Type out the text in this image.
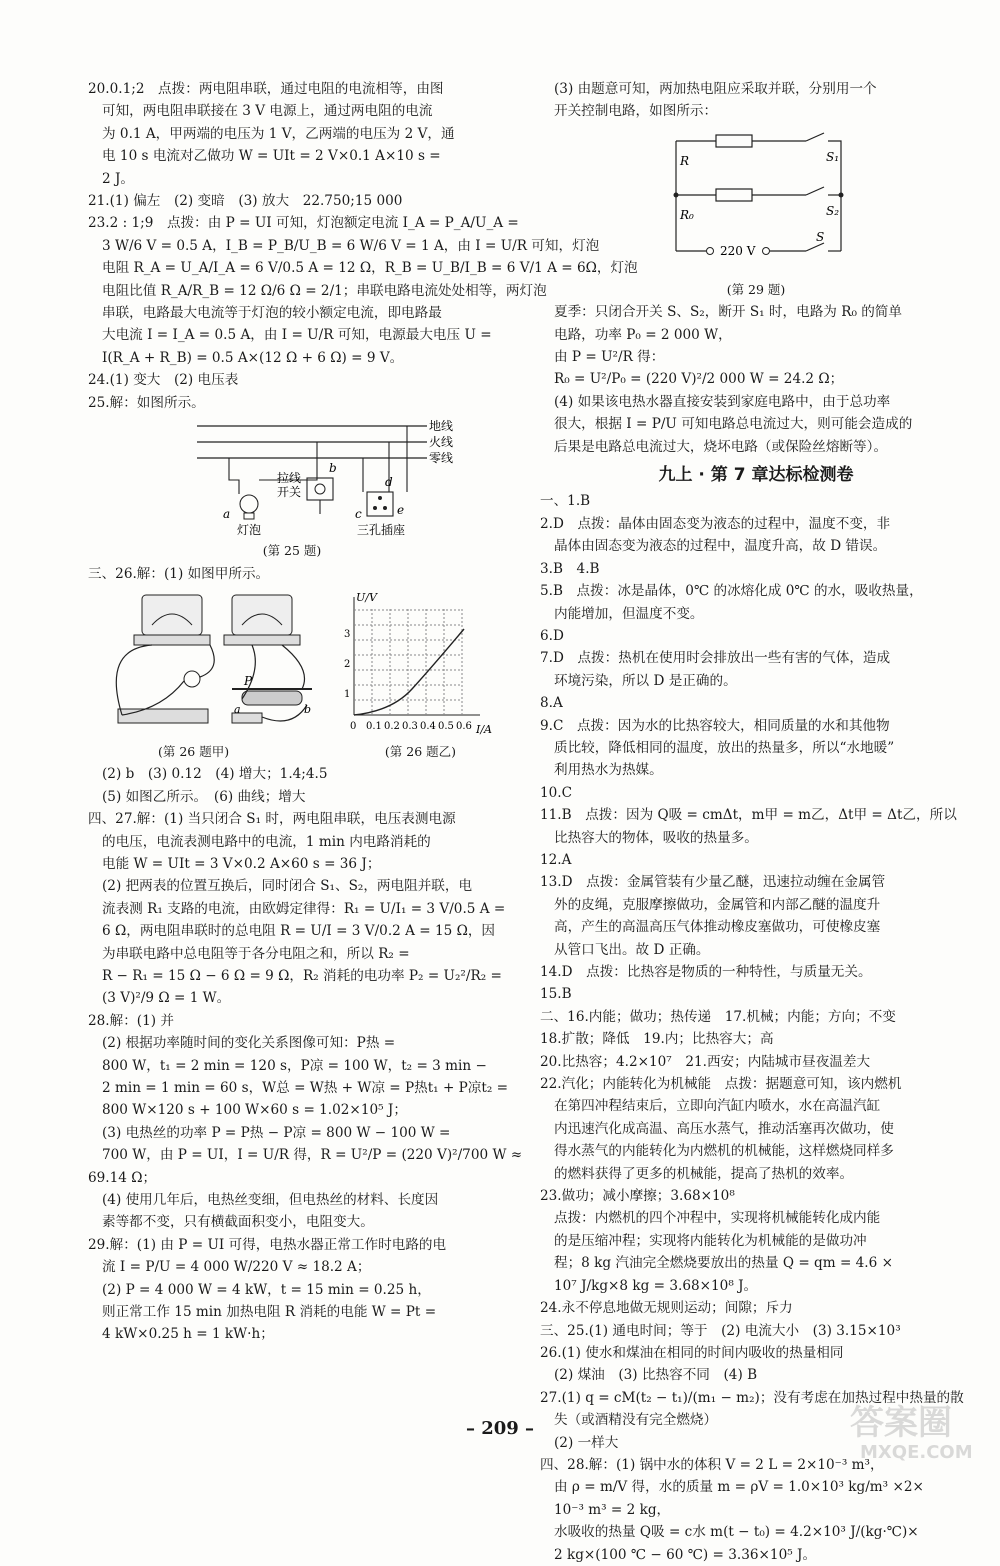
20.0.1;2　点拨：两电阻串联，通过电阻的电流相等，由图
可知，两电阻串联接在 3 V 电源上，通过两电阻的电流
为 0.1 A，甲两端的电压为 1 V，乙两端的电压为 2 V，通
电 10 s 电流对乙做功 W = UIt = 2 V×0.1 A×10 s =
2 J。
21.(1) 偏左　(2) 变暗　(3) 放大　22.750;15 000
23.2 : 1;9　点拨：由 P = UI 可知，灯泡额定电流 I_A = P_A/U_A =
3 W/6 V = 0.5 A，I_B = P_B/U_B = 6 W/6 V = 1 A，由 I = U/R 可知，灯泡
电阻 R_A = U_A/I_A = 6 V/0.5 A = 12 Ω，R_B = U_B/I_B = 6 V/1 A = 6Ω，灯泡
电阻比值 R_A/R_B = 12 Ω/6 Ω = 2/1；串联电路电流处处相等，两灯泡
串联，电路最大电流等于灯泡的较小额定电流，即电路最
大电流 I = I_A = 0.5 A，由 I = U/R 可知，电源最大电压 U =
I(R_A + R_B) = 0.5 A×(12 Ω + 6 Ω) = 9 V。
24.(1) 变大　(2) 电压表
25.解：如图所示。
地线
火线
零线
a
b
c
d
e
拉线
开关
灯泡	三孔插座
(第 25 题)
三、26.解：(1) 如图甲所示。
P
a	b
U/V
I/A
1
2
3
0 0.1 0.2 0.3 0.4 0.5 0.6
(第 26 题甲)	(第 26 题乙)
(2) b　(3) 0.12　(4) 增大；1.4;4.5
(5) 如图乙所示。　(6) 曲线；增大
四、27.解：(1) 当只闭合 S₁ 时，两电阻串联，电压表测电源
的电压，电流表测电路中的电流，1 min 内电路消耗的
电能 W = UIt = 3 V×0.2 A×60 s = 36 J；
(2) 把两表的位置互换后，同时闭合 S₁、S₂，两电阻并联，电
流表测 R₁ 支路的电流，由欧姆定律得：R₁ = U/I₁ = 3 V/0.5 A =
6 Ω，两电阻串联时的总电阻 R = U/I = 3 V/0.2 A = 15 Ω，因
为串联电路中总电阻等于各分电阻之和，所以 R₂ =
R − R₁ = 15 Ω − 6 Ω = 9 Ω，R₂ 消耗的电功率 P₂ = U₂²/R₂ =
(3 V)²/9 Ω = 1 W。
28.解：(1) 并
(2) 根据功率随时间的变化关系图像可知：P热 =
800 W，t₁ = 2 min = 120 s，P凉 = 100 W，t₂ = 3 min −
2 min = 1 min = 60 s，W总 = W热 + W凉 = P热t₁ + P凉t₂ =
800 W×120 s + 100 W×60 s = 1.02×10⁵ J；
(3) 电热丝的功率 P = P热 − P凉 = 800 W − 100 W =
700 W，由 P = UI，I = U/R 得，R = U²/P = (220 V)²/700 W ≈
69.14 Ω；
(4) 使用几年后，电热丝变细，但电热丝的材料、长度因
素等都不变，只有横截面积变小，电阻变大。
29.解：(1) 由 P = UI 可得，电热水器正常工作时电路的电
流 I = P/U = 4 000 W/220 V ≈ 18.2 A；
(2) P = 4 000 W = 4 kW，t = 15 min = 0.25 h，
则正常工作 15 min 加热电阻 R 消耗的电能 W = Pt =
4 kW×0.25 h = 1 kW·h；
(3) 由题意可知，两加热电阻应采取并联，分别用一个
开关控制电路，如图所示：
R
R₀
S₁
S₂
S
220 V
(第 29 题)
夏季：只闭合开关 S、S₂，断开 S₁ 时，电路为 R₀ 的简单
电路，功率 P₀ = 2 000 W，
由 P = U²/R 得：
R₀ = U²/P₀ = (220 V)²/2 000 W = 24.2 Ω；
(4) 如果该电热水器直接安装到家庭电路中，由于总功率
很大，根据 I = P/U 可知电路总电流过大，则可能会造成的
后果是电路总电流过大，烧坏电路（或保险丝熔断等）。
九上 · 第 7 章达标检测卷
一、1.B
2.D　点拨：晶体由固态变为液态的过程中，温度不变，非
晶体由固态变为液态的过程中，温度升高，故 D 错误。
3.B　4.B
5.B　点拨：冰是晶体，0℃ 的冰熔化成 0℃ 的水，吸收热量，
内能增加，但温度不变。
6.D
7.D　点拨：热机在使用时会排放出一些有害的气体，造成
环境污染，所以 D 是正确的。
8.A
9.C　点拨：因为水的比热容较大，相同质量的水和其他物
质比较，降低相同的温度，放出的热量多，所以“水地暖”
利用热水为热媒。
10.C
11.B　点拨：因为 Q吸 = cmΔt，m甲 = m乙，Δt甲 = Δt乙，所以
比热容大的物体，吸收的热量多。
12.A
13.D　点拨：金属管装有少量乙醚，迅速拉动缠在金属管
外的皮绳，克服摩擦做功，金属管和内部乙醚的温度升
高，产生的高温高压气体推动橡皮塞做功，可使橡皮塞
从管口飞出。故 D 正确。
14.D　点拨：比热容是物质的一种特性，与质量无关。
15.B
二、16.内能；做功；热传递　17.机械；内能；方向；不变
18.扩散；降低　19.内；比热容大；高
20.比热容；4.2×10⁷　21.西安；内陆城市昼夜温差大
22.汽化；内能转化为机械能　点拨：据题意可知，该内燃机
在第四冲程结束后，立即向汽缸内喷水，水在高温汽缸
内迅速汽化成高温、高压水蒸气，推动活塞再次做功，使
得水蒸气的内能转化为内燃机的机械能，这样燃烧同样多
的燃料获得了更多的机械能，提高了热机的效率。
23.做功；减小摩擦；3.68×10⁸
点拨：内燃机的四个冲程中，实现将机械能转化成内能
的是压缩冲程；实现将内能转化为机械能的是做功冲
程；8 kg 汽油完全燃烧要放出的热量 Q = qm = 4.6 ×
10⁷ J/kg×8 kg = 3.68×10⁸ J。
24.永不停息地做无规则运动；间隙；斥力
三、25.(1) 通电时间；等于　(2) 电流大小　(3) 3.15×10³
26.(1) 使水和煤油在相同的时间内吸收的热量相同
(2) 煤油　(3) 比热容不同　(4) B
27.(1) q = cM(t₂ − t₁)/(m₁ − m₂)；没有考虑在加热过程中热量的散
失（或酒精没有完全燃烧）
(2) 一样大
四、28.解：(1) 锅中水的体积 V = 2 L = 2×10⁻³ m³，
由 ρ = m/V 得，水的质量 m = ρV = 1.0×10³ kg/m³ ×2×
10⁻³ m³ = 2 kg，
水吸收的热量 Q吸 = c水 m(t − t₀) = 4.2×10³ J/(kg·℃)×
2 kg×(100 ℃ − 60 ℃) = 3.36×10⁵ J。
– 209 –	答案圈
MXQE.COM
